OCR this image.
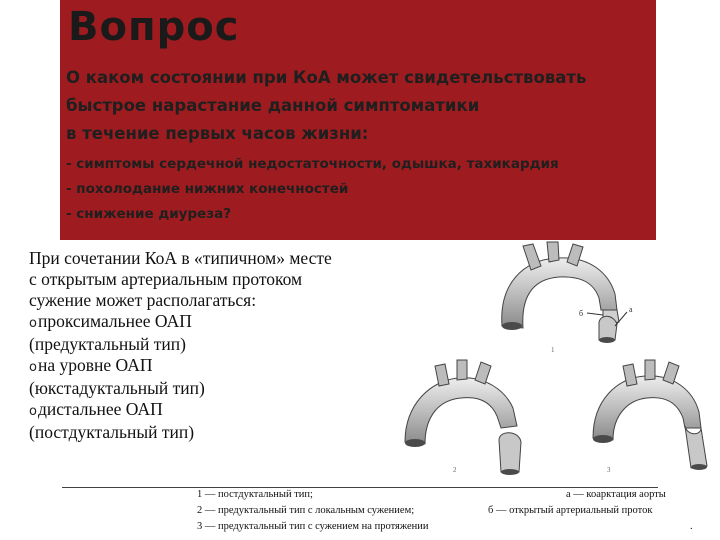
Вопрос
О каком состоянии при КоА может свидетельствовать
быстрое нарастание данной симптоматики
в течение первых часов жизни:
- симптомы сердечной недостаточности, одышка, тахикардия
- похолодание нижних конечностей
- снижение диуреза?
При сочетании КоА в «типичном» месте
с открытым артериальным протоком
сужение может располагаться:
oпроксимальнее ОАП
(предуктальный тип)
oна уровне ОАП
(юкстадуктальный тип)
oдистальнее ОАП
(постдуктальный тип)
б	а
1
2	3
1 — постдуктальный тип;	а — коарктация аорты
2 — предуктальный тип с локальным сужением;	б — открытый артериальный проток
3 — предуктальный тип с сужением на протяжении	.
